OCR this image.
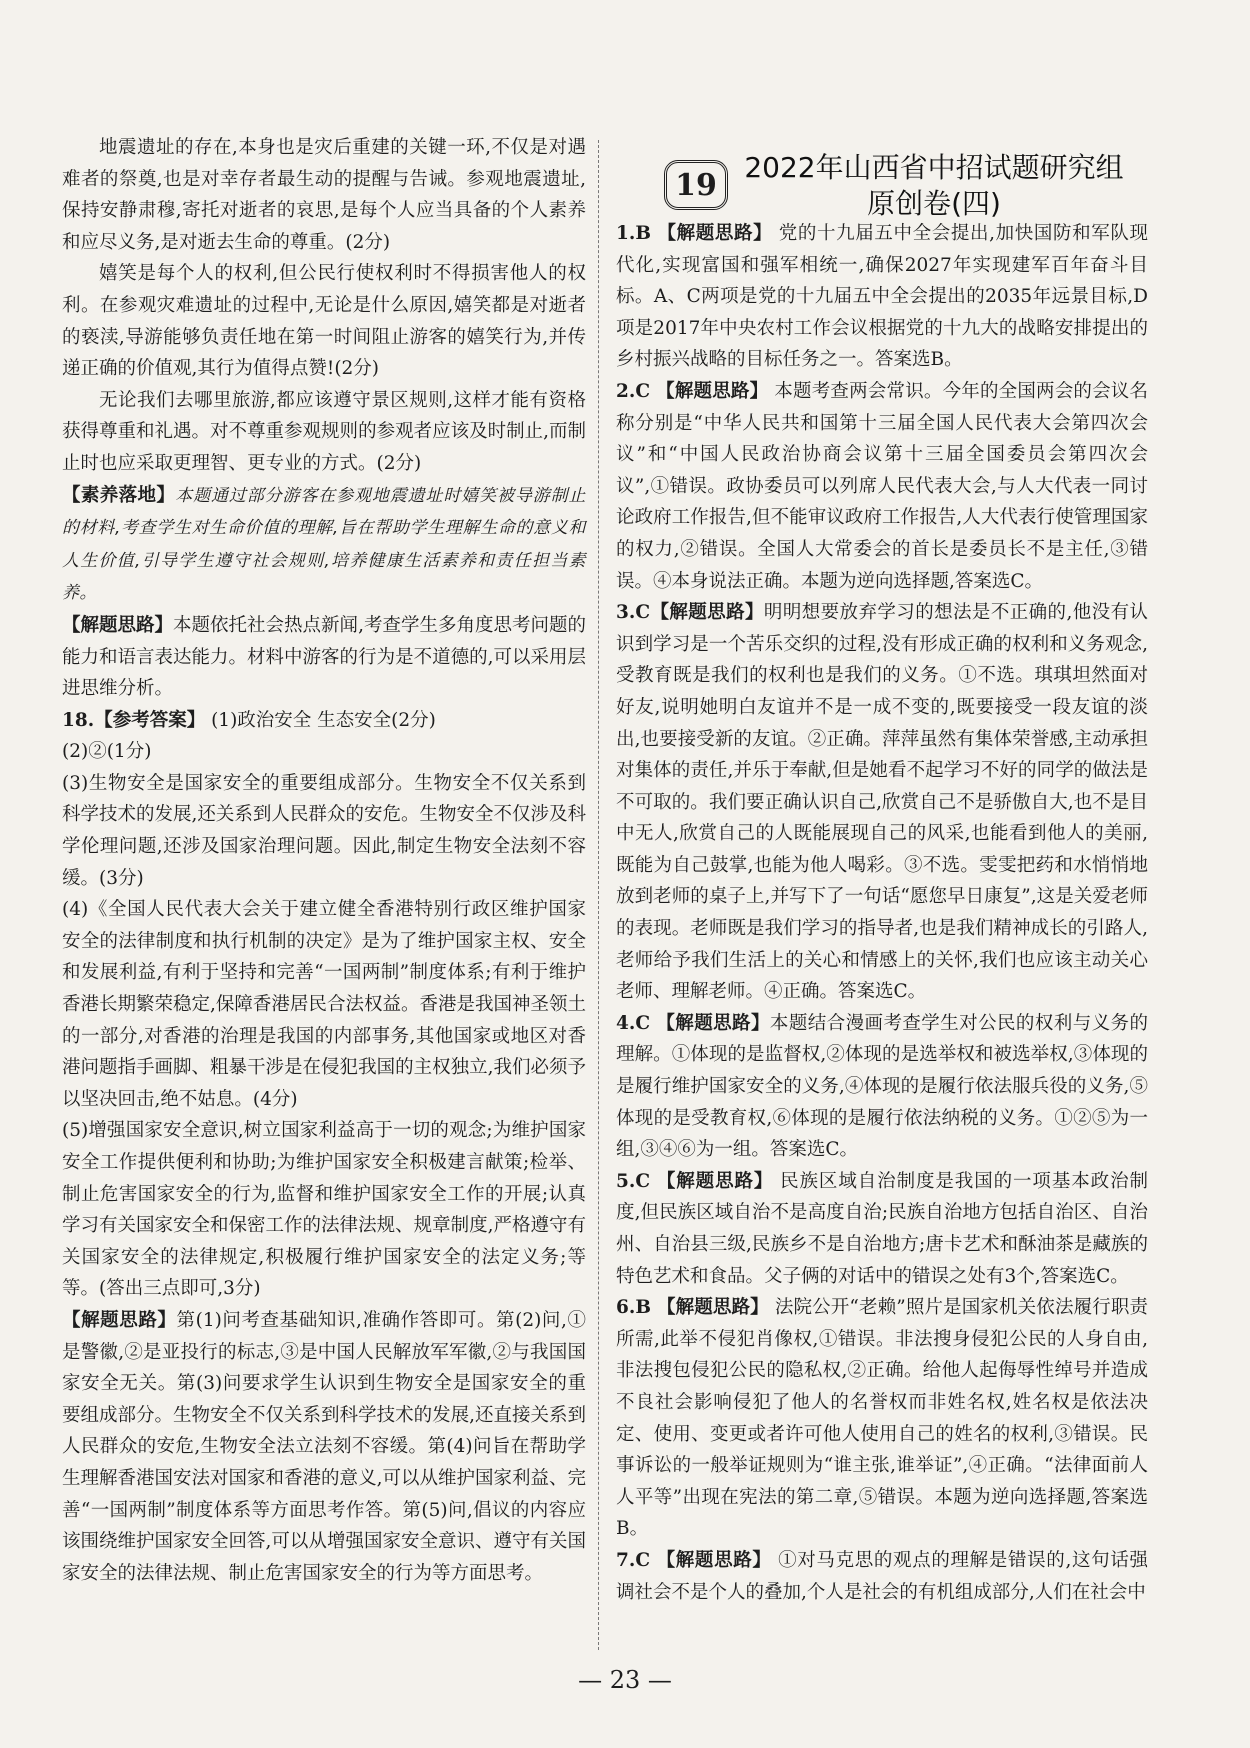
地震遗址的存在,本身也是灾后重建的关键一环,不仅是对遇难者的祭奠,也是对幸存者最生动的提醒与告诫。参观地震遗址,保持安静肃穆,寄托对逝者的哀思,是每个人应当具备的个人素养和应尽义务,是对逝去生命的尊重。(2分)

嬉笑是每个人的权利,但公民行使权利时不得损害他人的权利。在参观灾难遗址的过程中,无论是什么原因,嬉笑都是对逝者的亵渎,导游能够负责任地在第一时间阻止游客的嬉笑行为,并传递正确的价值观,其行为值得点赞!(2分)

无论我们去哪里旅游,都应该遵守景区规则,这样才能有资格获得尊重和礼遇。对不尊重参观规则的参观者应该及时制止,而制止时也应采取更理智、更专业的方式。(2分)

【素养落地】本题通过部分游客在参观地震遗址时嬉笑被导游制止的材料,考查学生对生命价值的理解,旨在帮助学生理解生命的意义和人生价值,引导学生遵守社会规则,培养健康生活素养和责任担当素养。

【解题思路】本题依托社会热点新闻,考查学生多角度思考问题的能力和语言表达能力。材料中游客的行为是不道德的,可以采用层进思维分析。

18.【参考答案】 (1)政治安全 生态安全(2分)

(2)②(1分)

(3)生物安全是国家安全的重要组成部分。生物安全不仅关系到科学技术的发展,还关系到人民群众的安危。生物安全不仅涉及科学伦理问题,还涉及国家治理问题。因此,制定生物安全法刻不容缓。(3分)

(4)《全国人民代表大会关于建立健全香港特别行政区维护国家安全的法律制度和执行机制的决定》是为了维护国家主权、安全和发展利益,有利于坚持和完善“一国两制”制度体系;有利于维护香港长期繁荣稳定,保障香港居民合法权益。香港是我国神圣领土的一部分,对香港的治理是我国的内部事务,其他国家或地区对香港问题指手画脚、粗暴干涉是在侵犯我国的主权独立,我们必须予以坚决回击,绝不姑息。(4分)

(5)增强国家安全意识,树立国家利益高于一切的观念;为维护国家安全工作提供便利和协助;为维护国家安全积极建言献策;检举、制止危害国家安全的行为,监督和维护国家安全工作的开展;认真学习有关国家安全和保密工作的法律法规、规章制度,严格遵守有关国家安全的法律规定,积极履行维护国家安全的法定义务;等等。(答出三点即可,3分)

【解题思路】第(1)问考查基础知识,准确作答即可。第(2)问,①是警徽,②是亚投行的标志,③是中国人民解放军军徽,②与我国国家安全无关。第(3)问要求学生认识到生物安全是国家安全的重要组成部分。生物安全不仅关系到科学技术的发展,还直接关系到人民群众的安危,生物安全法立法刻不容缓。第(4)问旨在帮助学生理解香港国安法对国家和香港的意义,可以从维护国家利益、完善“一国两制”制度体系等方面思考作答。第(5)问,倡议的内容应该围绕维护国家安全回答,可以从增强国家安全意识、遵守有关国家安全的法律法规、制止危害国家安全的行为等方面思考。

19 2022年山西省中招试题研究组
原创卷(四)

1.B 【解题思路】 党的十九届五中全会提出,加快国防和军队现代化,实现富国和强军相统一,确保2027年实现建军百年奋斗目标。A、C两项是党的十九届五中全会提出的2035年远景目标,D项是2017年中央农村工作会议根据党的十九大的战略安排提出的乡村振兴战略的目标任务之一。答案选B。

2.C 【解题思路】 本题考查两会常识。今年的全国两会的会议名称分别是“中华人民共和国第十三届全国人民代表大会第四次会议”和“中国人民政治协商会议第十三届全国委员会第四次会议”,①错误。政协委员可以列席人民代表大会,与人大代表一同讨论政府工作报告,但不能审议政府工作报告,人大代表行使管理国家的权力,②错误。全国人大常委会的首长是委员长不是主任,③错误。④本身说法正确。本题为逆向选择题,答案选C。

3.C【解题思路】明明想要放弃学习的想法是不正确的,他没有认识到学习是一个苦乐交织的过程,没有形成正确的权利和义务观念,受教育既是我们的权利也是我们的义务。①不选。琪琪坦然面对好友,说明她明白友谊并不是一成不变的,既要接受一段友谊的淡出,也要接受新的友谊。②正确。萍萍虽然有集体荣誉感,主动承担对集体的责任,并乐于奉献,但是她看不起学习不好的同学的做法是不可取的。我们要正确认识自己,欣赏自己不是骄傲自大,也不是目中无人,欣赏自己的人既能展现自己的风采,也能看到他人的美丽,既能为自己鼓掌,也能为他人喝彩。③不选。雯雯把药和水悄悄地放到老师的桌子上,并写下了一句话“愿您早日康复”,这是关爱老师的表现。老师既是我们学习的指导者,也是我们精神成长的引路人,老师给予我们生活上的关心和情感上的关怀,我们也应该主动关心老师、理解老师。④正确。答案选C。

4.C 【解题思路】本题结合漫画考查学生对公民的权利与义务的理解。①体现的是监督权,②体现的是选举权和被选举权,③体现的是履行维护国家安全的义务,④体现的是履行依法服兵役的义务,⑤体现的是受教育权,⑥体现的是履行依法纳税的义务。①②⑤为一组,③④⑥为一组。答案选C。

5.C 【解题思路】 民族区域自治制度是我国的一项基本政治制度,但民族区域自治不是高度自治;民族自治地方包括自治区、自治州、自治县三级,民族乡不是自治地方;唐卡艺术和酥油茶是藏族的特色艺术和食品。父子俩的对话中的错误之处有3个,答案选C。

6.B 【解题思路】 法院公开“老赖”照片是国家机关依法履行职责所需,此举不侵犯肖像权,①错误。非法搜身侵犯公民的人身自由,非法搜包侵犯公民的隐私权,②正确。给他人起侮辱性绰号并造成不良社会影响侵犯了他人的名誉权而非姓名权,姓名权是依法决定、使用、变更或者许可他人使用自己的姓名的权利,③错误。民事诉讼的一般举证规则为“谁主张,谁举证”,④正确。“法律面前人人平等”出现在宪法的第二章,⑤错误。本题为逆向选择题,答案选B。

7.C 【解题思路】 ①对马克思的观点的理解是错误的,这句话强调社会不是个人的叠加,个人是社会的有机组成部分,人们在社会中

— 23 —
